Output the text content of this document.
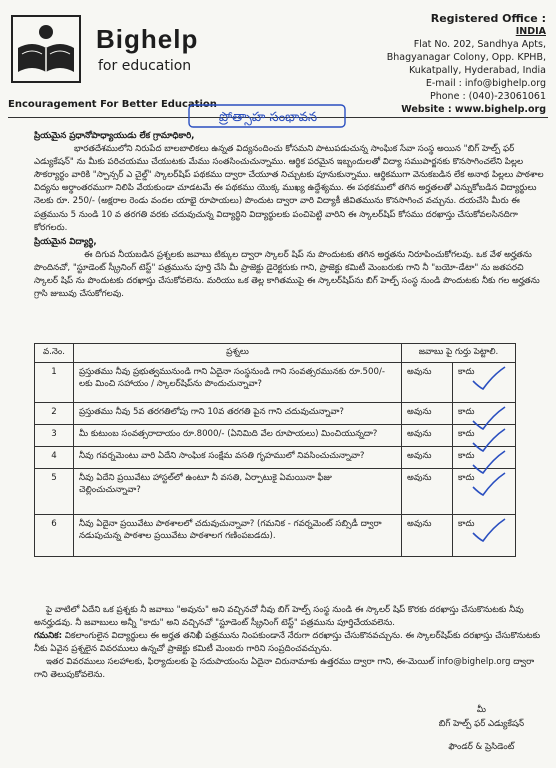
Bighelp
for education
Encouragement For Better Education
Registered Office :
INDIA
Flat No. 202, Sandhya Apts,
Bhagyanagar Colony, Opp. KPHB,
Kukatpally, Hyderabad, India
E-mail : info@bighelp.org
Phone : (040)-23061061
Website : www.bighelp.org
ప్రోత్సాహ సంభావన

ప్రియమైన ప్రధానోపాధ్యాయుడు లేక గ్రామాధికారి,

భారతదేశములోని నిరుపేద బాలబాలికలు ఉన్నత విద్యనందించు కోసమని పాటుపడుచున్న సాంఘిక సేవా సంస్థ అయిన "బిగ్ హెల్ప్ ఫర్ ఎడ్యుకేషన్" ను మీకు పరిచయము చేయుటకు మేము సంతసించుచున్నాము. ఆర్థిక పరమైన ఇబ్బందులతో విద్యా సముపార్జనకు కొనసాగించలేని పిల్లల సౌకర్యార్థం వారికి "స్పాన్సర్ ఎ చైల్డ్" స్కాలర్‌షిప్ పథకము ద్వారా చేయూత నిచ్చుటకు పూనుకున్నాము. ఆర్థికముగా వెనుకబడిన లేక అనాథ పిల్లలు పాఠశాల విద్యను అర్థాంతరముగా నిలిపి వేయకుండా చూడటమే ఈ పథకము యొక్క ముఖ్య ఉద్దేశ్యము. ఈ పథకములో తగిన అర్హతలతో ఎన్నుకోబడిన విద్యార్థులు నెలకు రూ. 250/- (అక్షరాల రెండు వందల యాభై రూపాయలు) పొందుట ద్వారా వారి విద్యాకీ జీవితమును కొనసాగించ వచ్చును. దయచేసి మీరు ఈ పత్రమును 5 నుండి 10 వ తరగతి వరకు చదువుచున్న విద్యార్థిని విద్యార్థులకు పంచిపెట్టి వారిని ఈ స్కాలర్‌షిప్ కోసము దరఖాస్తు చేసుకోవలసినదిగా కోరగలరు.

ప్రియమైన విద్యార్థి,

ఈ దిగువ నీయబడిన ప్రశ్నలకు జవాబు టిక్కుల ద్వారా స్కాలర్ షిప్ ను పొందుటకు తగిన అర్హతను నిరూపించుకోగలవు. ఒక వేళ అర్హతను పొందినచో, "స్టూడెంట్ స్క్రీనింగ్ టెస్ట్" పత్రమును పూర్తి చేసి మీ ప్రాజెక్టు డైరెక్టరుకు గాని, ప్రాజెక్టు కమిటీ మెంబరుకు గాని నీ "బయో-డేటా" ను జతపరచి స్కాలర్ షిప్ ను పొందుటకు దరఖాస్తు చేసుకోవలెను. మరియు ఒక తెల్ల కాగితముపై ఈ స్కాలర్‌షిప్‌ను బిగ్ హెల్ప్ సంస్థ నుండి పొందుటకు నీకు గల అర్హతను గ్రాసి జుబువు చేసుకోగలవు.

వ.నెం.	ప్రశ్నలు	జవాబు పై గుర్తు పెట్టాలి.	
1	ప్రస్తుతము నీవు ప్రభుత్వమునుండి గాని ఏదైనా సంస్థనుండి గాని సంవత్సరమునకు రూ.500/- లకు మించి సహాయం / స్కాలర్‌షిప్‌ను పొందుచున్నావా?	అవును	కాదు

2	ప్రస్తుతము నీవు 5వ తరగతిలోపు గాని 10వ తరగతి పైన గాని చదువుచున్నావా?	అవును	కాదు

3	మీ కుటుంబ సంవత్సరాదాయం రూ.8000/- (ఏనిమిది వేల రూపాయలు) మించియున్నదా?	అవును	కాదు

4	నీవు గవర్నమెంటు వారి ఏదేని సాంఘిక సంక్షేమ వసతి గృహములో నివసించుచున్నావా?	అవును	కాదు

5	నీవు ఏదేని ప్రయివేటు హాస్టల్‌లో ఉంటూ నీ వసతి, ఏర్పాటుకై ఏమయినా ఫీజు చెల్లించుచున్నావా?	అవును	కాదు

6	నీవు ఏదైనా ప్రయివేటు పాఠశాలలో చదువుచున్నావా? (గమనిక - గవర్నమెంట్ సబ్సిడీ ద్వారా నడుపుచున్న పాఠశాల ప్రయివేటు పాఠశాలగ గణింపబడదు).	అవును	కాదు

పై వాటిలో ఏదేని ఒక ప్రశ్నకు నీ జవాబు "అవును" అని వచ్చినచో నీవు బిగ్ హెల్ప్ సంస్థ నుండి ఈ స్కాలర్ షిప్ కొరకు దరఖాస్తు చేసుకొనుటకు నీవు అనర్హుడవు. నీ జవాబులు అన్నీ "కాదు" అని వచ్చినచో "స్టూడెంట్ స్క్రీనింగ్ టెస్ట్" పత్రమును పూర్తిచేయవలెను.

గమనిక: వికలాంగులైన విద్యార్థులు ఈ అర్హత తనిఖీ పత్రమును నింపకుండానే నేరుగా దరఖాస్తు చేసుకొనవచ్చును. ఈ స్కాలర్‌షిప్‌కు దరఖాస్తు చేసుకొనుటకు నీకు ఏవైన ప్రశ్నలైన వివరములు ఉన్నచో ప్రాజెక్టు కమిటీ మెంబరు గారిని సంప్రదించవచ్చును.

ఇతర వివరములు సలహాలకు, ఫిర్యాదులకు పై సదుపాయంను ఏదైనా చిరునామాకు ఉత్తరము ద్వారా గాని, ఈ-మెయిల్ info@bighelp.org ద్వారా గాని తెలుపుకోవలెను.

మీ
బిగ్ హెల్ప్ ఫర్ ఎడ్యుకేషన్
ఫౌండర్ & ప్రెసిడెంట్
